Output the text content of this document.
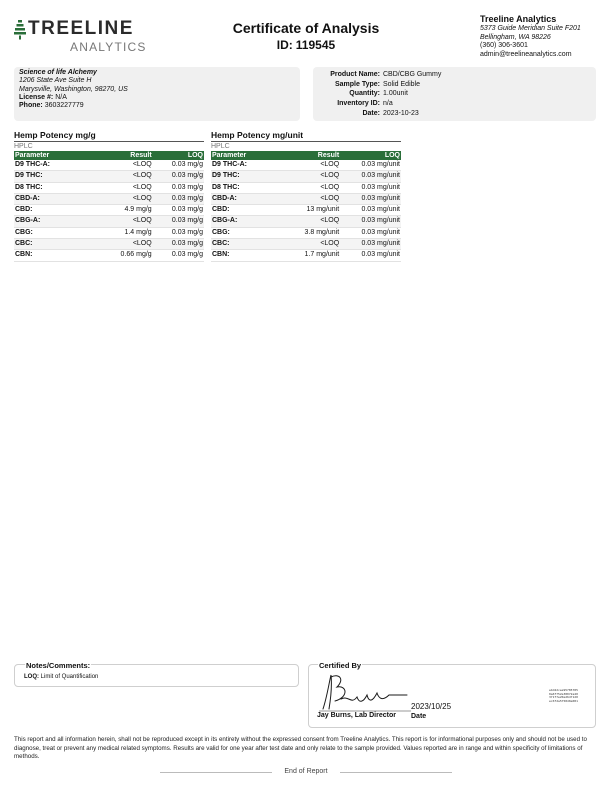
TREELINE
ANALYTICS
Certificate of Analysis
ID: 119545
Treeline Analytics
5373 Guide Meridian Suite F201
Bellingham, WA 98226
(360) 306-3601
admin@treelineanalytics.com
Science of life Alchemy
1206 State Ave Suite H
Marysville, Washington, 98270, US
License #: N/A
Phone: 3603227779
Product Name: CBD/CBG Gummy
Sample Type: Solid Edible
Quantity: 1.00unit
Inventory ID: n/a
Date: 2023-10-23
Hemp Potency mg/g
HPLC
Parameter	Result	LOQ
D9 THC-A:	<LOQ	0.03 mg/g
D9 THC:	<LOQ	0.03 mg/g
D8 THC:	<LOQ	0.03 mg/g
CBD-A:	<LOQ	0.03 mg/g
CBD:	4.9 mg/g	0.03 mg/g
CBG-A:	<LOQ	0.03 mg/g
CBG:	1.4 mg/g	0.03 mg/g
CBC:	<LOQ	0.03 mg/g
CBN:	0.66 mg/g	0.03 mg/g
Hemp Potency mg/unit
HPLC
Parameter	Result	LOQ
D9 THC-A:	<LOQ	0.03 mg/unit
D9 THC:	<LOQ	0.03 mg/unit
D8 THC:	<LOQ	0.03 mg/unit
CBD-A:	<LOQ	0.03 mg/unit
CBD:	13 mg/unit	0.03 mg/unit
CBG-A:	<LOQ	0.03 mg/unit
CBG:	3.8 mg/unit	0.03 mg/unit
CBC:	<LOQ	0.03 mg/unit
CBN:	1.7 mg/unit	0.03 mg/unit
Notes/Comments:
LOQ: Limit of Quantification
Certified By
Jay Burns, Lab Director
2023/10/25
Date
e4d4dcee95785785
0a6f752e38072a40
371f7e20e26d7120
ec6f2a5758d0e081
This report and all information herein, shall not be reproduced except in its entirety without the expressed consent from Treeline Analytics. This report is for informational purposes only and should not be used to diagnose, treat or prevent any medical related symptoms. Results are valid for one year after test date and only relate to the sample provided. Values reported are in range and within specificity of limitations of methods.
End of Report
